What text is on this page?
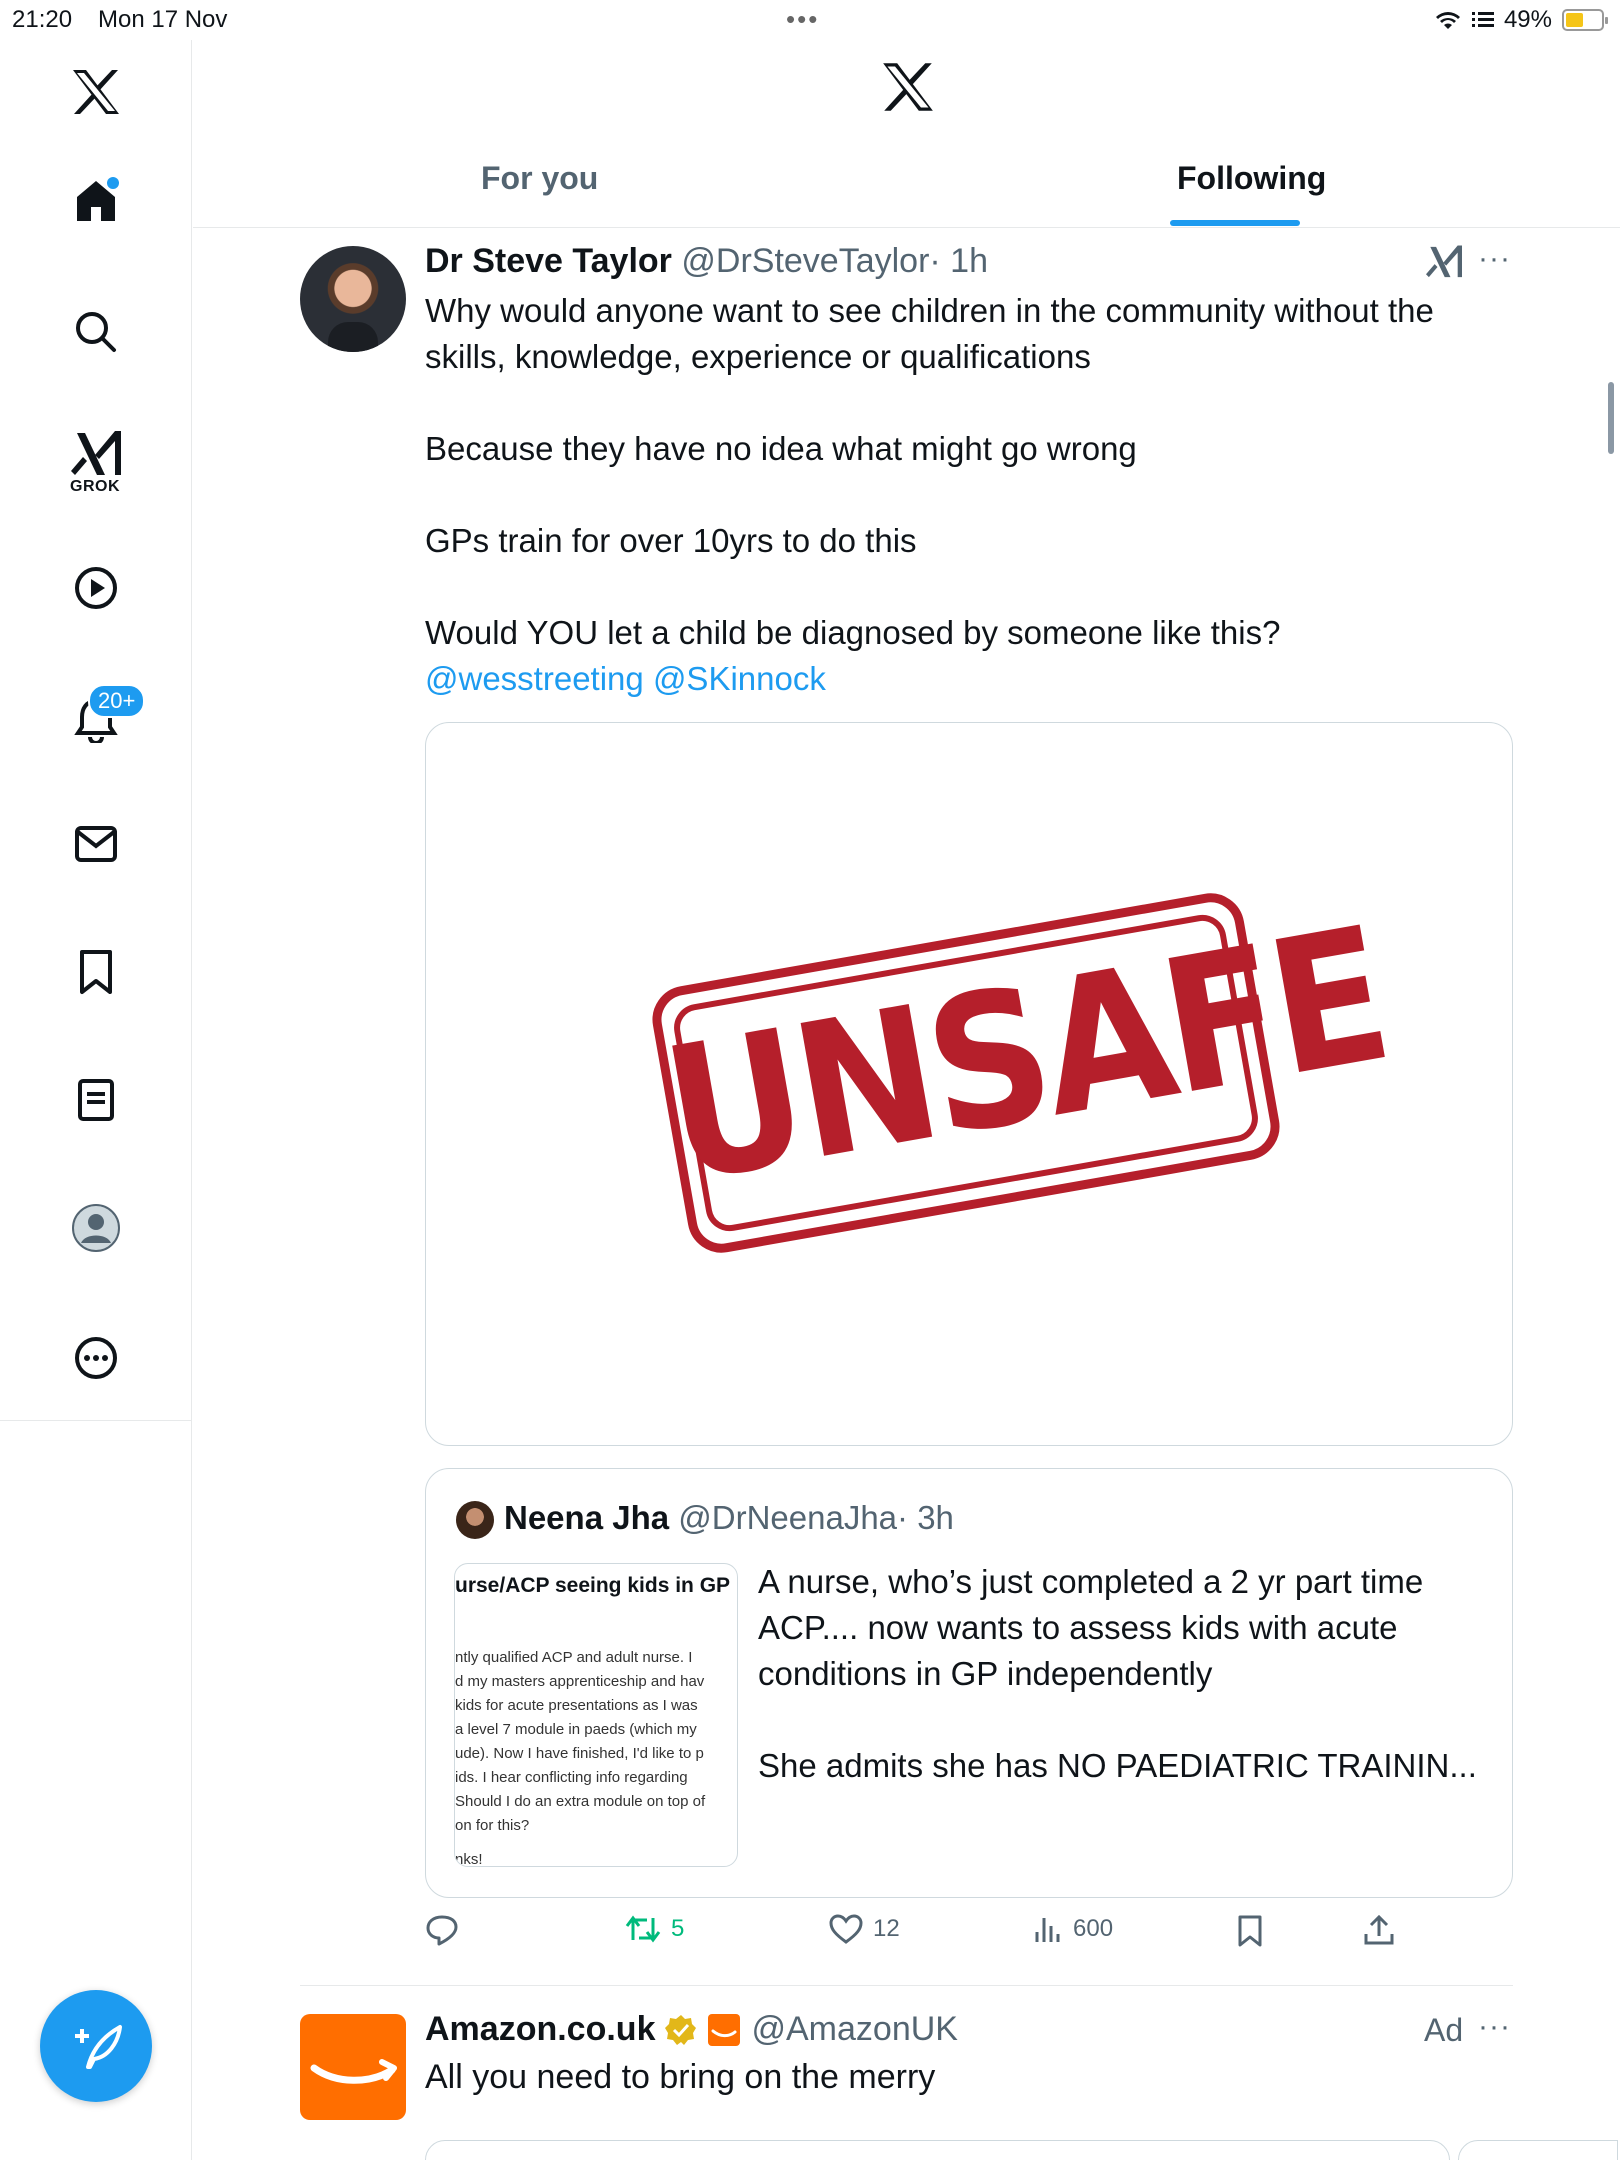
21:20 Mon 17 Nov	•••	49%
GROK
20+
For you	Following
Dr Steve Taylor @DrSteveTaylor· 1h	···

Why would anyone want to see children in the community without the skills, knowledge, experience or qualifications

Because they have no idea what might go wrong

GPs train for over 10yrs to do this

Would YOU let a child be diagnosed by someone like this?

@wesstreeting @SKinnock

UNSAFE
Neena Jha @DrNeenaJha· 3h
urse/ACP seeing kids in GP
ntly qualified ACP and adult nurse. I
d my masters apprenticeship and hav
kids for acute presentations as I was
a level 7 module in paeds (which my
ude). Now I have finished, I'd like to p
ids. I hear conflicting info regarding
Should I do an extra module on top of
on for this?
nks!

A nurse, who’s just completed a 2 yr part time ACP.... now wants to assess kids with acute conditions in GP independently

She admits she has NO PAEDIATRIC TRAININ...

5	12	600
Amazon.co.uk	@AmazonUK	Ad ···
All you need to bring on the merry
